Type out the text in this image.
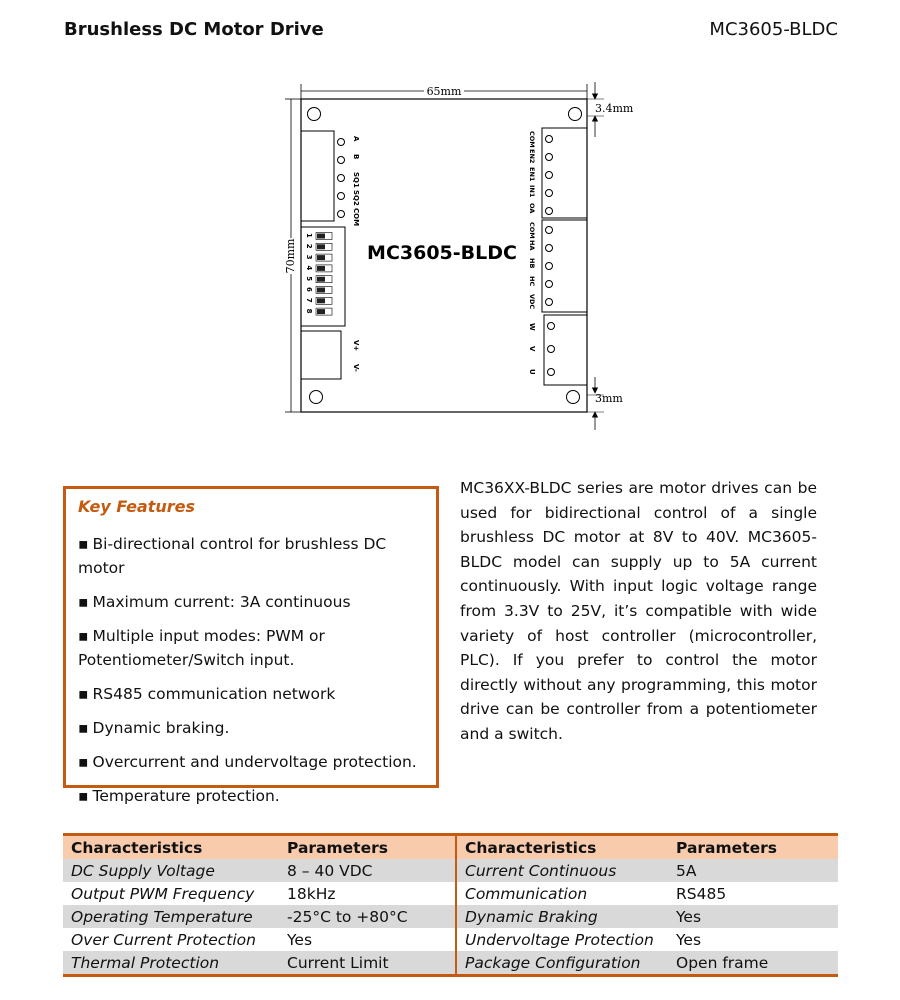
Brushless DC Motor Drive	MC3605-BLDC
65mm
70mm
3.4mm
3mm
A
B
SQ1
SQ2
COM
1
2
3
4
5
6
7
8
V+
V-
COM
EN2
EN1
IN1
OA
COM
HA
HB
HC
VDC
W
V
U
MC3605-BLDC
Key Features
▪ Bi-directional control for brushless DC motor
▪ Maximum current: 3A continuous
▪ Multiple input modes: PWM or Potentiometer/Switch input.
▪ RS485 communication network
▪ Dynamic braking.
▪ Overcurrent and undervoltage protection.
▪ Temperature protection.
MC36XX-BLDC series are motor drives can be used for bidirectional control of a single brushless DC motor at 8V to 40V. MC3605-BLDC model can supply up to 5A current continuously. With input logic voltage range from 3.3V to 25V, it’s compatible with wide variety of host controller (microcontroller, PLC). If you prefer to control the motor directly without any programming, this motor drive can be controller from a potentiometer and a switch.
Characteristics	Parameters	Characteristics	Parameters
DC Supply Voltage	8 – 40 VDC	Current Continuous	5A
Output PWM Frequency	18kHz	Communication	RS485
Operating Temperature	-25°C to +80°C	Dynamic Braking	Yes
Over Current Protection	Yes	Undervoltage Protection	Yes
Thermal Protection	Current Limit	Package Configuration	Open frame
